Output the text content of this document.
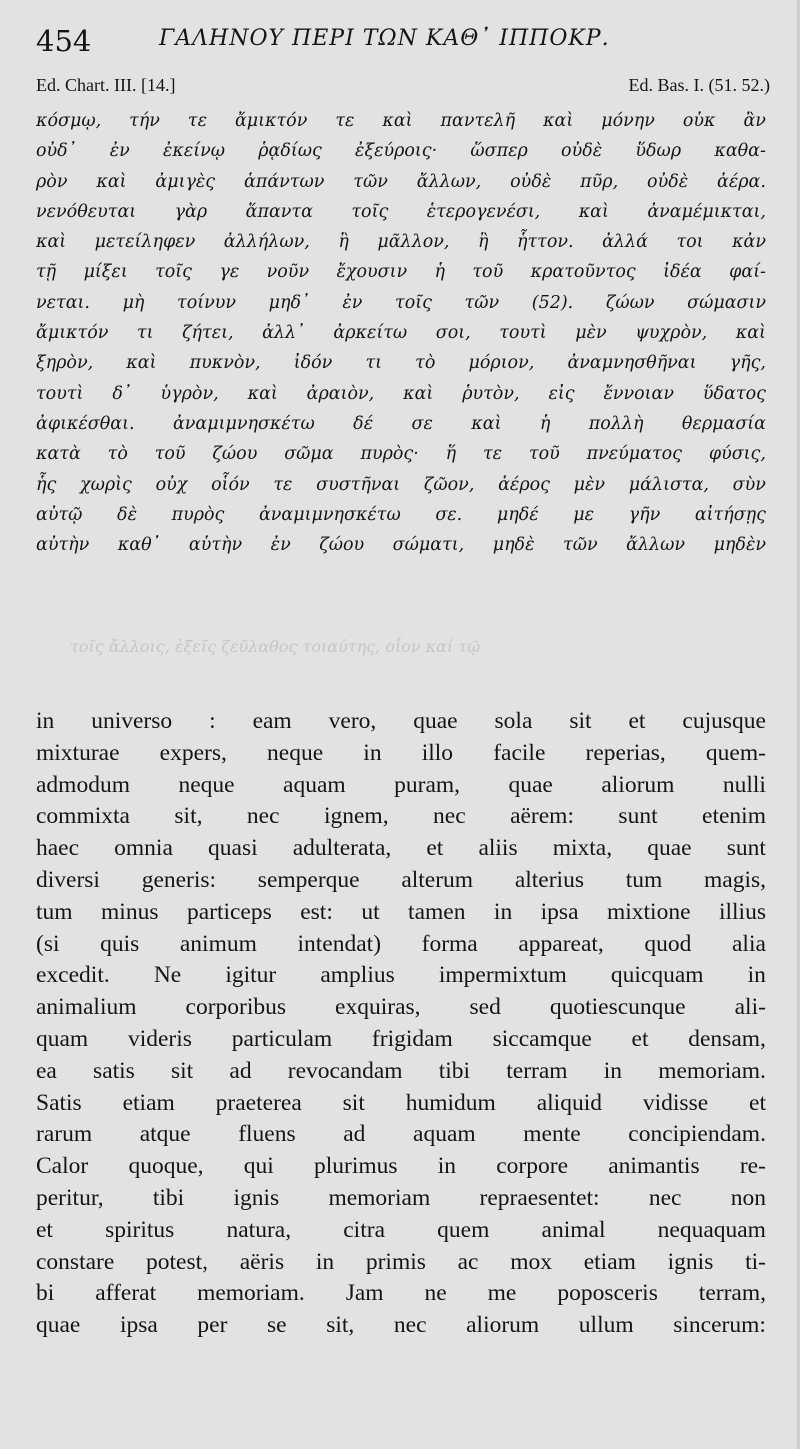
454	ΓΑΛΗΝΟΥ ΠΕΡΙ ΤΩΝ ΚΑΘ᾽ ΙΠΠΟΚΡ.
Ed. Chart. III. [14.]	Ed. Bas. I. (51. 52.)
κόσμῳ, τήν τε ἄμικτόν τε καὶ παντελῆ καὶ μόνην οὐκ ἂν
οὐδ᾽ ἐν ἐκείνῳ ῥᾳδίως ἐξεύροις· ὥσπερ οὐδὲ ὕδωρ καθα-
ρὸν καὶ ἀμιγὲς ἁπάντων τῶν ἄλλων, οὐδὲ πῦρ, οὐδὲ ἀέρα.
νενόθευται γὰρ ἅπαντα τοῖς ἑτερογενέσι, καὶ ἀναμέμικται,
καὶ μετείληφεν ἀλλήλων, ἢ μᾶλλον, ἢ ἧττον. ἀλλά τοι κἀν
τῇ μίξει τοῖς γε νοῦν ἔχουσιν ἡ τοῦ κρατοῦντος ἰδέα φαί-
νεται. μὴ τοίνυν μηδ᾽ ἐν τοῖς τῶν (52). ζώων σώμασιν
ἄμικτόν τι ζήτει, ἀλλ᾽ ἀρκείτω σοι, τουτὶ μὲν ψυχρὸν, καὶ
ξηρὸν, καὶ πυκνὸν, ἰδόν τι τὸ μόριον, ἀναμνησθῆναι γῆς,
τουτὶ δ᾽ ὑγρὸν, καὶ ἀραιὸν, καὶ ῥυτὸν, εἰς ἔννοιαν ὕδατος
ἀφικέσθαι. ἀναμιμνησκέτω δέ σε καὶ ἡ πολλὴ θερμασία
κατὰ τὸ τοῦ ζώου σῶμα πυρὸς· ἥ τε τοῦ πνεύματος φύσις,
ἧς χωρὶς οὐχ οἷόν τε συστῆναι ζῶον, ἀέρος μὲν μάλιστα, σὺν
αὐτῷ δὲ πυρὸς ἀναμιμνησκέτω σε. μηδέ με γῆν αἰτήσῃς
αὐτὴν καθ᾽ αὑτὴν ἐν ζώου σώματι, μηδὲ τῶν ἄλλων μηδὲν
τοῖς ἄλλοις, ἐξεῖς ζεῦλαθος τοιαύτης, οἷον καί τῷ
in universo : eam vero, quae sola sit et cujusque
mixturae expers, neque in illo facile reperias, quem-
admodum neque aquam puram, quae aliorum nulli
commixta sit, nec ignem, nec aërem: sunt etenim
haec omnia quasi adulterata, et aliis mixta, quae sunt
diversi generis: semperque alterum alterius tum magis,
tum minus particeps est: ut tamen in ipsa mixtione illius
(si quis animum intendat) forma appareat, quod alia
excedit. Ne igitur amplius impermixtum quicquam in
animalium corporibus exquiras, sed quotiescunque ali-
quam videris particulam frigidam siccamque et densam,
ea satis sit ad revocandam tibi terram in memoriam.
Satis etiam praeterea sit humidum aliquid vidisse et
rarum atque fluens ad aquam mente concipiendam.
Calor quoque, qui plurimus in corpore animantis re-
peritur, tibi ignis memoriam repraesentet: nec non
et spiritus natura, citra quem animal nequaquam
constare potest, aëris in primis ac mox etiam ignis ti-
bi afferat memoriam. Jam ne me poposceris terram,
quae ipsa per se sit, nec aliorum ullum sincerum:
